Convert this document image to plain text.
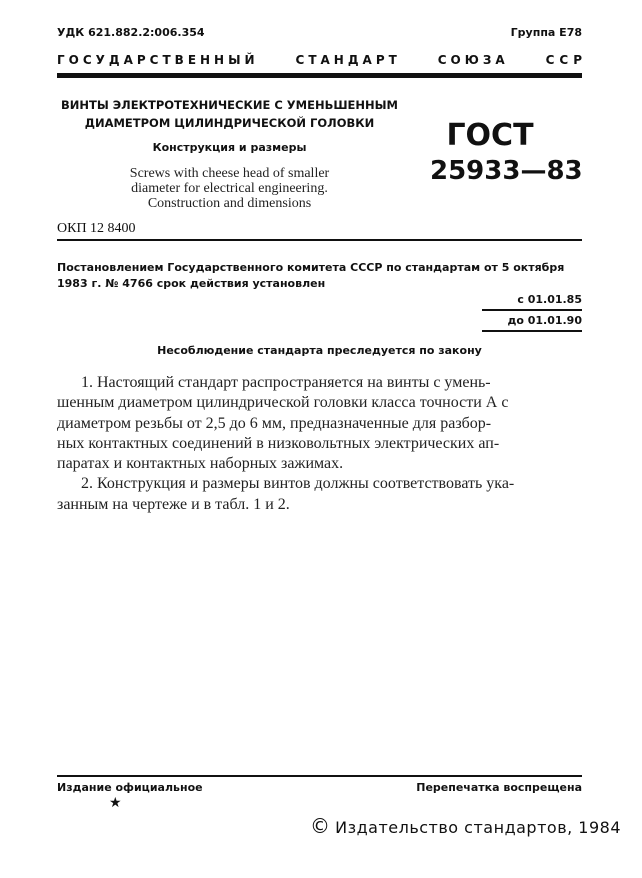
УДК 621.882.2:006.354	Группа Е78
ГОСУДАРСТВЕННЫЙ	СТАНДАРТ	СОЮЗА	ССР
ВИНТЫ ЭЛЕКТРОТЕХНИЧЕСКИЕ С УМЕНЬШЕННЫМ
ДИАМЕТРОМ ЦИЛИНДРИЧЕСКОЙ ГОЛОВКИ
Конструкция и размеры
Screws with cheese head of smaller
diameter for electrical engineering.
Construction and dimensions
ГОСТ
25933—83
ОКП 12 8400
Постановлением Государственного комитета СССР по стандартам от 5 октября
1983 г. № 4766 срок действия установлен
с 01.01.85
до 01.01.90
Несоблюдение стандарта преследуется по закону
1. Настоящий стандарт распространяется на винты с умень-
шенным диаметром цилиндрической головки класса точности А с
диаметром резьбы от 2,5 до 6 мм, предназначенные для разбор-
ных контактных соединений в низковольтных электрических ап-
паратах и контактных наборных зажимах.
2. Конструкция и размеры винтов должны соответствовать ука-
занным на чертеже и в табл. 1 и 2.
Издание официальное	Перепечатка воспрещена
★
© Издательство стандартов, 1984
